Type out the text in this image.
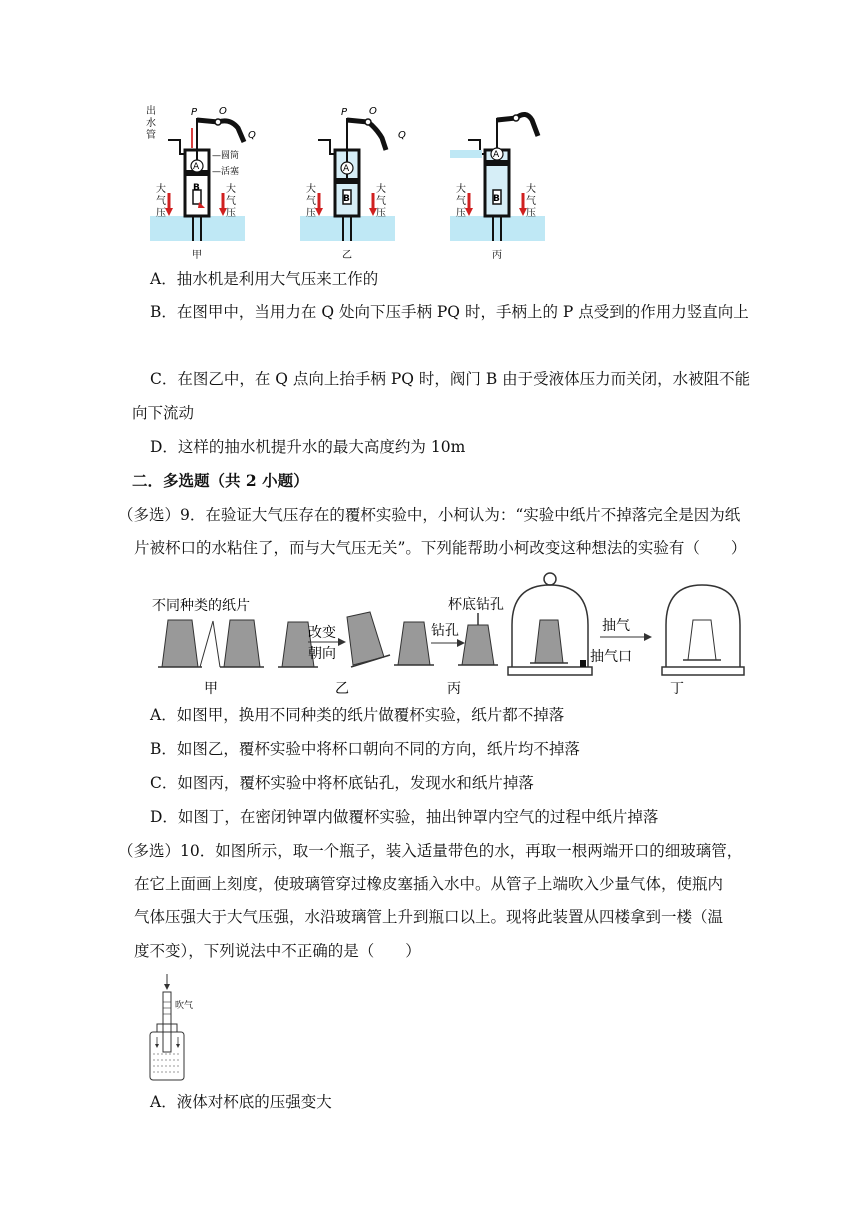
出水管
P O
Q
A
B
—圆筒
—活塞
大气压
大气压
甲
P O
Q
A
B
大气压
大气压
乙
A
B
大气压
大气压
丙
A．抽水机是利用大气压来工作的
B．在图甲中，当用力在 Q 处向下压手柄 PQ 时，手柄上的 P 点受到的作用力竖直向上
C．在图乙中，在 Q 点向上抬手柄 PQ 时，阀门 B 由于受液体压力而关闭，水被阻不能
向下流动
D．这样的抽水机提升水的最大高度约为 10m
二．多选题（共 2 小题）
（多选）9．在验证大气压存在的覆杯实验中，小柯认为：“实验中纸片不掉落完全是因为纸
片被杯口的水粘住了，而与大气压无关”。下列能帮助小柯改变这种想法的实验有（　　）
不同种类的纸片
甲
改变
朝向
乙
钻孔
杯底钻孔
丙
抽气
抽气口
丁
A．如图甲，换用不同种类的纸片做覆杯实验，纸片都不掉落
B．如图乙，覆杯实验中将杯口朝向不同的方向，纸片均不掉落
C．如图丙，覆杯实验中将杯底钻孔，发现水和纸片掉落
D．如图丁，在密闭钟罩内做覆杯实验，抽出钟罩内空气的过程中纸片掉落
（多选）10．如图所示，取一个瓶子，装入适量带色的水，再取一根两端开口的细玻璃管，
在它上面画上刻度，使玻璃管穿过橡皮塞插入水中。从管子上端吹入少量气体，使瓶内
气体压强大于大气压强，水沿玻璃管上升到瓶口以上。现将此装置从四楼拿到一楼（温
度不变），下列说法中不正确的是（　　）
吹气
A．液体对杯底的压强变大
